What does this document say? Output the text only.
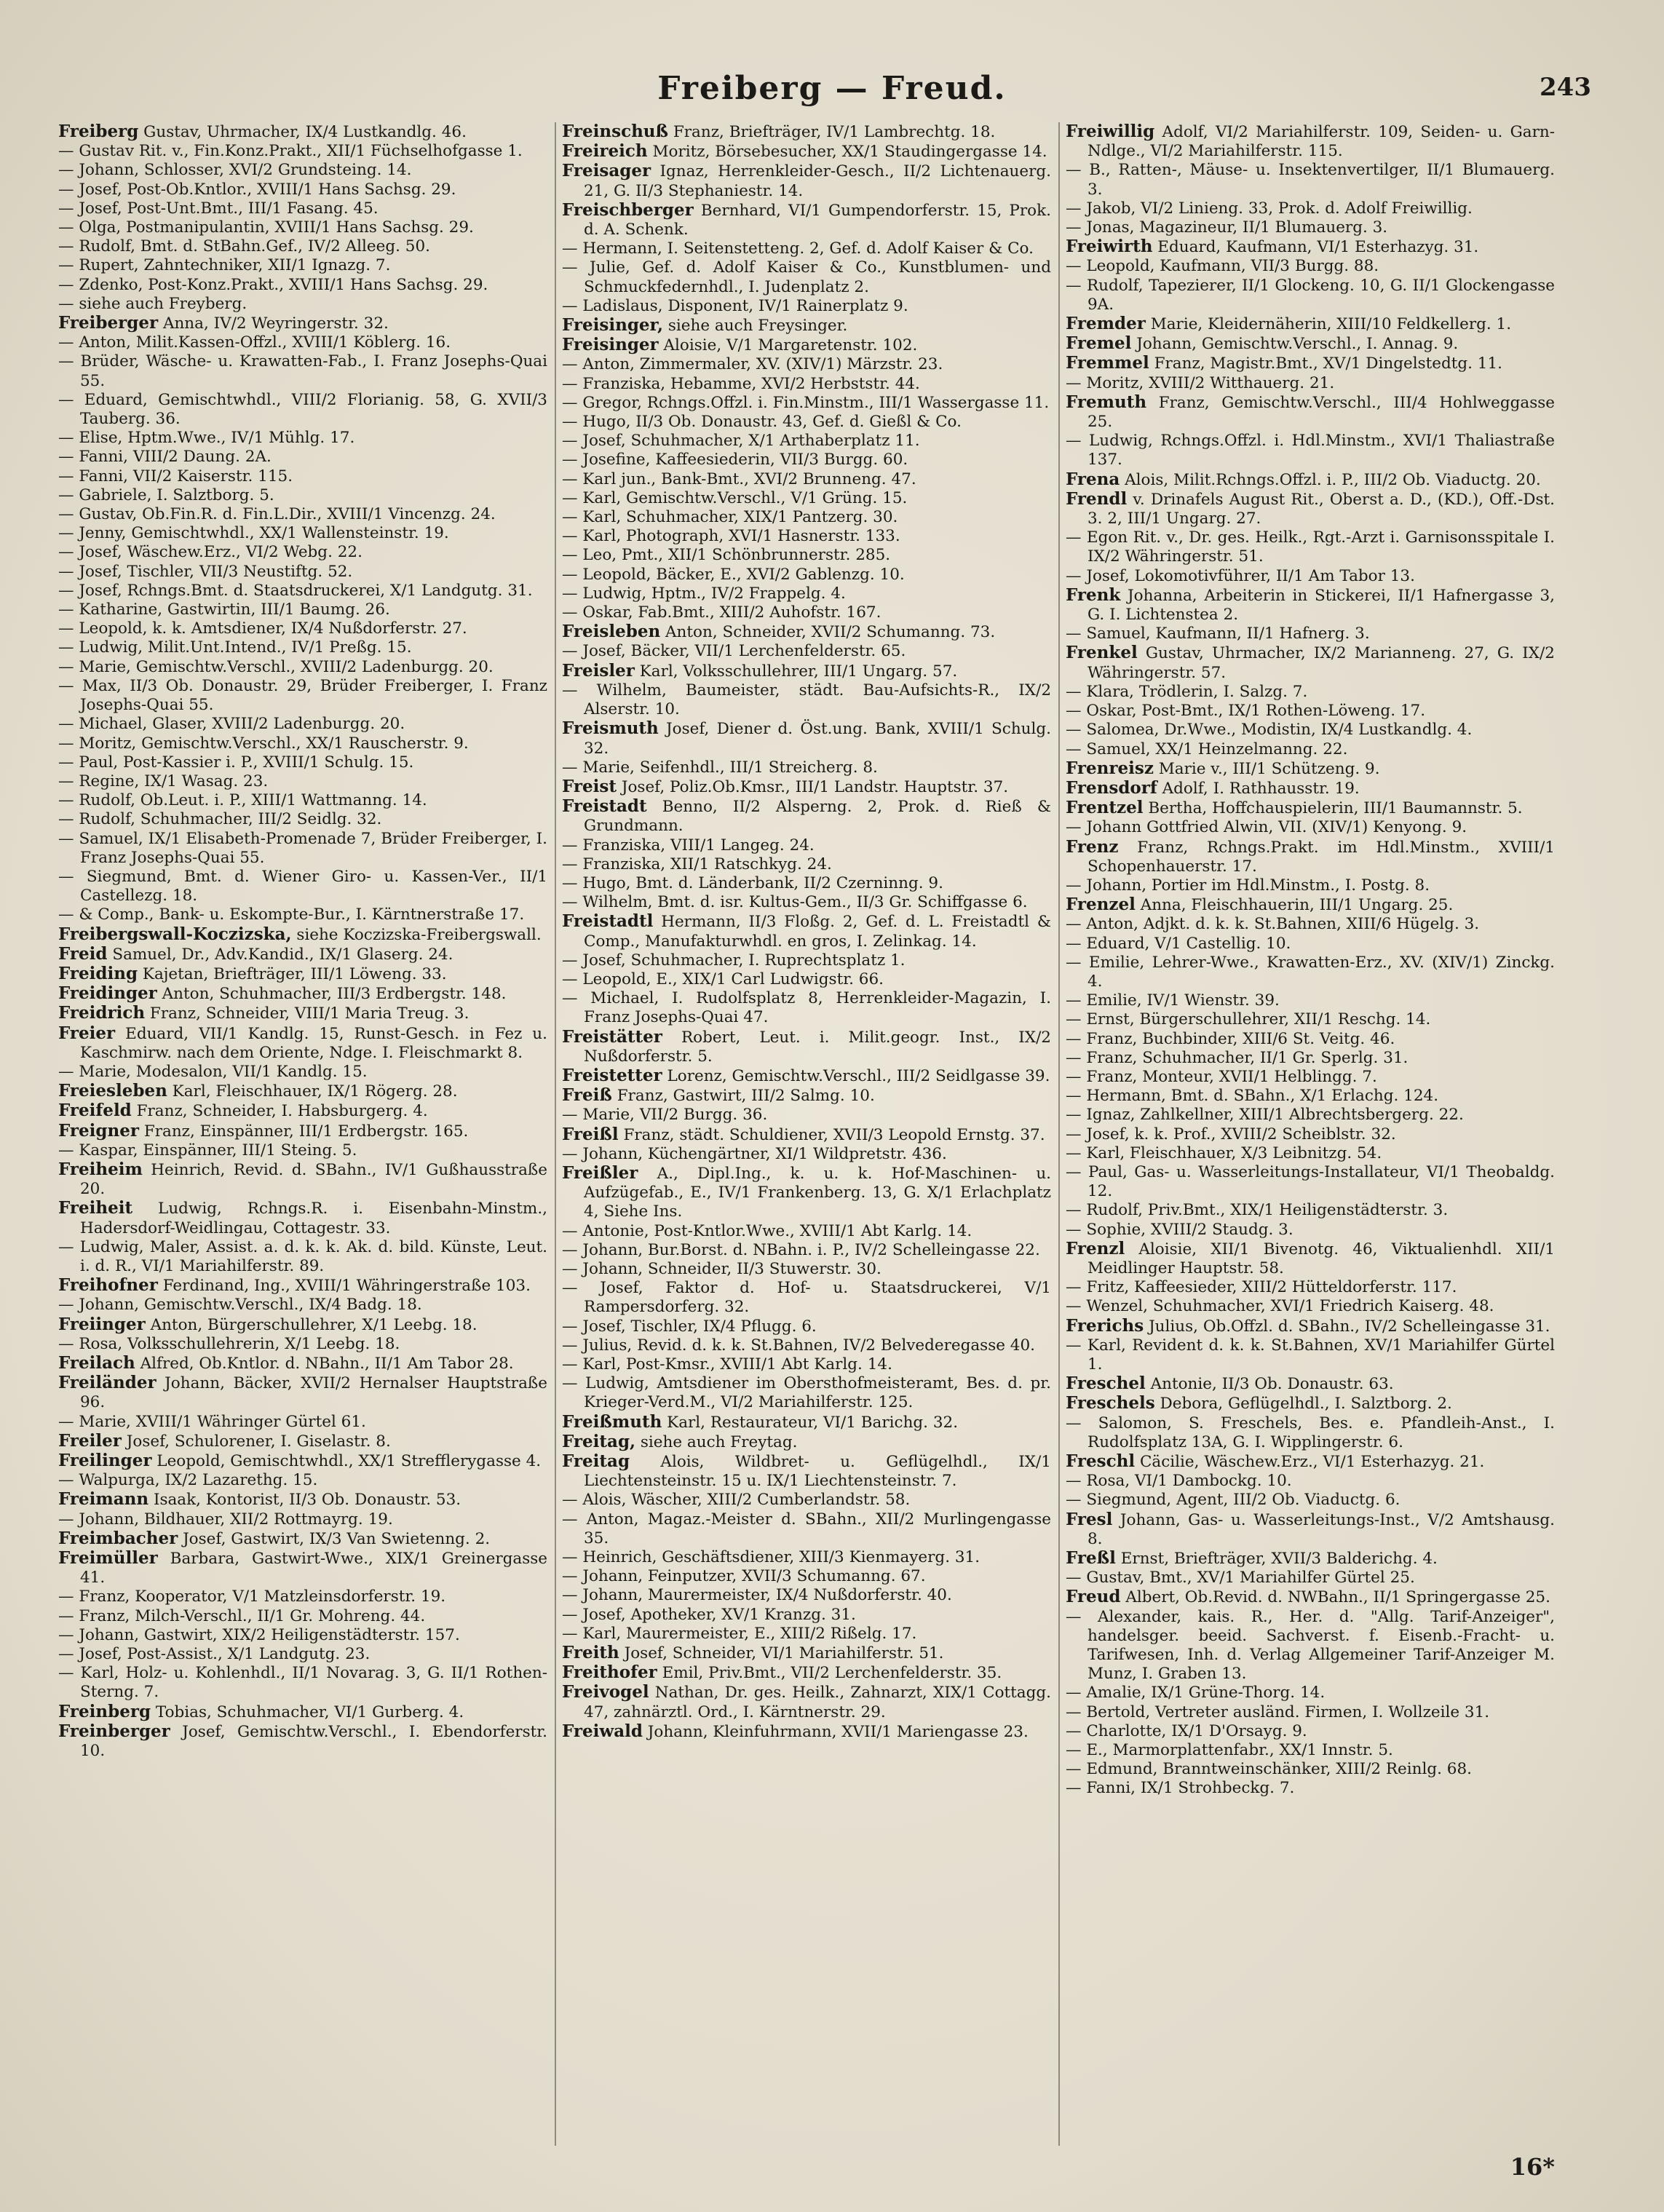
Freiberg — Freud.	243

Freiberg Gustav, Uhrmacher, IX/4 Lustkandlg. 46.

— Gustav Rit. v., Fin.Konz.Prakt., XII/1 Füchselhofgasse 1.

— Johann, Schlosser, XVI/2 Grundsteing. 14.

— Josef, Post-Ob.Kntlor., XVIII/1 Hans Sachsg. 29.

— Josef, Post-Unt.Bmt., III/1 Fasang. 45.

— Olga, Postmanipulantin, XVIII/1 Hans Sachsg. 29.

— Rudolf, Bmt. d. StBahn.Gef., IV/2 Alleeg. 50.

— Rupert, Zahntechniker, XII/1 Ignazg. 7.

— Zdenko, Post-Konz.Prakt., XVIII/1 Hans Sachsg. 29.

— siehe auch Freyberg.

Freiberger Anna, IV/2 Weyringerstr. 32.

— Anton, Milit.Kassen-Offzl., XVIII/1 Köblerg. 16.

— Brüder, Wäsche- u. Krawatten-Fab., I. Franz Josephs-Quai 55.

— Eduard, Gemischtwhdl., VIII/2 Florianig. 58, G. XVII/3 Tauberg. 36.

— Elise, Hptm.Wwe., IV/1 Mühlg. 17.

— Fanni, VIII/2 Daung. 2A.

— Fanni, VII/2 Kaiserstr. 115.

— Gabriele, I. Salztborg. 5.

— Gustav, Ob.Fin.R. d. Fin.L.Dir., XVIII/1 Vincenzg. 24.

— Jenny, Gemischtwhdl., XX/1 Wallensteinstr. 19.

— Josef, Wäschew.Erz., VI/2 Webg. 22.

— Josef, Tischler, VII/3 Neustiftg. 52.

— Josef, Rchngs.Bmt. d. Staatsdruckerei, X/1 Landgutg. 31.

— Katharine, Gastwirtin, III/1 Baumg. 26.

— Leopold, k. k. Amtsdiener, IX/4 Nußdorferstr. 27.

— Ludwig, Milit.Unt.Intend., IV/1 Preßg. 15.

— Marie, Gemischtw.Verschl., XVIII/2 Ladenburgg. 20.

— Max, II/3 Ob. Donaustr. 29, Brüder Freiberger, I. Franz Josephs-Quai 55.

— Michael, Glaser, XVIII/2 Ladenburgg. 20.

— Moritz, Gemischtw.Verschl., XX/1 Rauscherstr. 9.

— Paul, Post-Kassier i. P., XVIII/1 Schulg. 15.

— Regine, IX/1 Wasag. 23.

— Rudolf, Ob.Leut. i. P., XIII/1 Wattmanng. 14.

— Rudolf, Schuhmacher, III/2 Seidlg. 32.

— Samuel, IX/1 Elisabeth-Promenade 7, Brüder Freiberger, I. Franz Josephs-Quai 55.

— Siegmund, Bmt. d. Wiener Giro- u. Kassen-Ver., II/1 Castellezg. 18.

— & Comp., Bank- u. Eskompte-Bur., I. Kärntnerstraße 17.

Freibergswall-Koczizska, siehe Koczizska-Freibergswall.

Freid Samuel, Dr., Adv.Kandid., IX/1 Glaserg. 24.

Freiding Kajetan, Briefträger, III/1 Löweng. 33.

Freidinger Anton, Schuhmacher, III/3 Erdbergstr. 148.

Freidrich Franz, Schneider, VIII/1 Maria Treug. 3.

Freier Eduard, VII/1 Kandlg. 15, Runst-Gesch. in Fez u. Kaschmirw. nach dem Oriente, Ndge. I. Fleischmarkt 8.

— Marie, Modesalon, VII/1 Kandlg. 15.

Freiesleben Karl, Fleischhauer, IX/1 Rögerg. 28.

Freifeld Franz, Schneider, I. Habsburgerg. 4.

Freigner Franz, Einspänner, III/1 Erdbergstr. 165.

— Kaspar, Einspänner, III/1 Steing. 5.

Freiheim Heinrich, Revid. d. SBahn., IV/1 Gußhausstraße 20.

Freiheit Ludwig, Rchngs.R. i. Eisenbahn-Minstm., Hadersdorf-Weidlingau, Cottagestr. 33.

— Ludwig, Maler, Assist. a. d. k. k. Ak. d. bild. Künste, Leut. i. d. R., VI/1 Mariahilferstr. 89.

Freihofner Ferdinand, Ing., XVIII/1 Währingerstraße 103.

— Johann, Gemischtw.Verschl., IX/4 Badg. 18.

Freiinger Anton, Bürgerschullehrer, X/1 Leebg. 18.

— Rosa, Volksschullehrerin, X/1 Leebg. 18.

Freilach Alfred, Ob.Kntlor. d. NBahn., II/1 Am Tabor 28.

Freiländer Johann, Bäcker, XVII/2 Hernalser Hauptstraße 96.

— Marie, XVIII/1 Währinger Gürtel 61.

Freiler Josef, Schulorener, I. Giselastr. 8.

Freilinger Leopold, Gemischtwhdl., XX/1 Strefflerygasse 4.

— Walpurga, IX/2 Lazarethg. 15.

Freimann Isaak, Kontorist, II/3 Ob. Donaustr. 53.

— Johann, Bildhauer, XII/2 Rottmayrg. 19.

Freimbacher Josef, Gastwirt, IX/3 Van Swietenng. 2.

Freimüller Barbara, Gastwirt-Wwe., XIX/1 Greinergasse 41.

— Franz, Kooperator, V/1 Matzleinsdorferstr. 19.

— Franz, Milch-Verschl., II/1 Gr. Mohreng. 44.

— Johann, Gastwirt, XIX/2 Heiligenstädterstr. 157.

— Josef, Post-Assist., X/1 Landgutg. 23.

— Karl, Holz- u. Kohlenhdl., II/1 Novarag. 3, G. II/1 Rothen-Sterng. 7.

Freinberg Tobias, Schuhmacher, VI/1 Gurberg. 4.

Freinberger Josef, Gemischtw.Verschl., I. Ebendorferstr. 10.

Freinschuß Franz, Briefträger, IV/1 Lambrechtg. 18.

Freireich Moritz, Börsebesucher, XX/1 Staudingergasse 14.

Freisager Ignaz, Herrenkleider-Gesch., II/2 Lichtenauerg. 21, G. II/3 Stephaniestr. 14.

Freischberger Bernhard, VI/1 Gumpendorferstr. 15, Prok. d. A. Schenk.

— Hermann, I. Seitenstetteng. 2, Gef. d. Adolf Kaiser & Co.

— Julie, Gef. d. Adolf Kaiser & Co., Kunstblumen- und Schmuckfedernhdl., I. Judenplatz 2.

— Ladislaus, Disponent, IV/1 Rainerplatz 9.

Freisinger, siehe auch Freysinger.

Freisinger Aloisie, V/1 Margaretenstr. 102.

— Anton, Zimmermaler, XV. (XIV/1) Märzstr. 23.

— Franziska, Hebamme, XVI/2 Herbststr. 44.

— Gregor, Rchngs.Offzl. i. Fin.Minstm., III/1 Wassergasse 11.

— Hugo, II/3 Ob. Donaustr. 43, Gef. d. Gießl & Co.

— Josef, Schuhmacher, X/1 Arthaberplatz 11.

— Josefine, Kaffeesiederin, VII/3 Burgg. 60.

— Karl jun., Bank-Bmt., XVI/2 Brunneng. 47.

— Karl, Gemischtw.Verschl., V/1 Grüng. 15.

— Karl, Schuhmacher, XIX/1 Pantzerg. 30.

— Karl, Photograph, XVI/1 Hasnerstr. 133.

— Leo, Pmt., XII/1 Schönbrunnerstr. 285.

— Leopold, Bäcker, E., XVI/2 Gablenzg. 10.

— Ludwig, Hptm., IV/2 Frappelg. 4.

— Oskar, Fab.Bmt., XIII/2 Auhofstr. 167.

Freisleben Anton, Schneider, XVII/2 Schumanng. 73.

— Josef, Bäcker, VII/1 Lerchenfelderstr. 65.

Freisler Karl, Volksschullehrer, III/1 Ungarg. 57.

— Wilhelm, Baumeister, städt. Bau-Aufsichts-R., IX/2 Alserstr. 10.

Freismuth Josef, Diener d. Öst.ung. Bank, XVIII/1 Schulg. 32.

— Marie, Seifenhdl., III/1 Streicherg. 8.

Freist Josef, Poliz.Ob.Kmsr., III/1 Landstr. Hauptstr. 37.

Freistadt Benno, II/2 Alsperng. 2, Prok. d. Rieß & Grundmann.

— Franziska, VIII/1 Langeg. 24.

— Franziska, XII/1 Ratschkyg. 24.

— Hugo, Bmt. d. Länderbank, II/2 Czerninng. 9.

— Wilhelm, Bmt. d. isr. Kultus-Gem., II/3 Gr. Schiffgasse 6.

Freistadtl Hermann, II/3 Floßg. 2, Gef. d. L. Freistadtl & Comp., Manufakturwhdl. en gros, I. Zelinkag. 14.

— Josef, Schuhmacher, I. Ruprechtsplatz 1.

— Leopold, E., XIX/1 Carl Ludwigstr. 66.

— Michael, I. Rudolfsplatz 8, Herrenkleider-Magazin, I. Franz Josephs-Quai 47.

Freistätter Robert, Leut. i. Milit.geogr. Inst., IX/2 Nußdorferstr. 5.

Freistetter Lorenz, Gemischtw.Verschl., III/2 Seidlgasse 39.

Freiß Franz, Gastwirt, III/2 Salmg. 10.

— Marie, VII/2 Burgg. 36.

Freißl Franz, städt. Schuldiener, XVII/3 Leopold Ernstg. 37.

— Johann, Küchengärtner, XI/1 Wildpretstr. 436.

Freißler A., Dipl.Ing., k. u. k. Hof-Maschinen- u. Aufzügefab., E., IV/1 Frankenberg. 13, G. X/1 Erlachplatz 4, Siehe Ins.

— Antonie, Post-Kntlor.Wwe., XVIII/1 Abt Karlg. 14.

— Johann, Bur.Borst. d. NBahn. i. P., IV/2 Schelleingasse 22.

— Johann, Schneider, II/3 Stuwerstr. 30.

— Josef, Faktor d. Hof- u. Staatsdruckerei, V/1 Rampersdorferg. 32.

— Josef, Tischler, IX/4 Pflugg. 6.

— Julius, Revid. d. k. k. St.Bahnen, IV/2 Belvederegasse 40.

— Karl, Post-Kmsr., XVIII/1 Abt Karlg. 14.

— Ludwig, Amtsdiener im Obersthofmeisteramt, Bes. d. pr. Krieger-Verd.M., VI/2 Mariahilferstr. 125.

Freißmuth Karl, Restaurateur, VI/1 Barichg. 32.

Freitag, siehe auch Freytag.

Freitag Alois, Wildbret- u. Geflügelhdl., IX/1 Liechtensteinstr. 15 u. IX/1 Liechtensteinstr. 7.

— Alois, Wäscher, XIII/2 Cumberlandstr. 58.

— Anton, Magaz.-Meister d. SBahn., XII/2 Murlingengasse 35.

— Heinrich, Geschäftsdiener, XIII/3 Kienmayerg. 31.

— Johann, Feinputzer, XVII/3 Schumanng. 67.

— Johann, Maurermeister, IX/4 Nußdorferstr. 40.

— Josef, Apotheker, XV/1 Kranzg. 31.

— Karl, Maurermeister, E., XIII/2 Rißelg. 17.

Freith Josef, Schneider, VI/1 Mariahilferstr. 51.

Freithofer Emil, Priv.Bmt., VII/2 Lerchenfelderstr. 35.

Freivogel Nathan, Dr. ges. Heilk., Zahnarzt, XIX/1 Cottagg. 47, zahnärztl. Ord., I. Kärntnerstr. 29.

Freiwald Johann, Kleinfuhrmann, XVII/1 Mariengasse 23.

Freiwillig Adolf, VI/2 Mariahilferstr. 109, Seiden- u. Garn-Ndlge., VI/2 Mariahilferstr. 115.

— B., Ratten-, Mäuse- u. Insektenvertilger, II/1 Blumauerg. 3.

— Jakob, VI/2 Linieng. 33, Prok. d. Adolf Freiwillig.

— Jonas, Magazineur, II/1 Blumauerg. 3.

Freiwirth Eduard, Kaufmann, VI/1 Esterhazyg. 31.

— Leopold, Kaufmann, VII/3 Burgg. 88.

— Rudolf, Tapezierer, II/1 Glockeng. 10, G. II/1 Glockengasse 9A.

Fremder Marie, Kleidernäherin, XIII/10 Feldkellerg. 1.

Fremel Johann, Gemischtw.Verschl., I. Annag. 9.

Fremmel Franz, Magistr.Bmt., XV/1 Dingelstedtg. 11.

— Moritz, XVIII/2 Witthauerg. 21.

Fremuth Franz, Gemischtw.Verschl., III/4 Hohlweggasse 25.

— Ludwig, Rchngs.Offzl. i. Hdl.Minstm., XVI/1 Thaliastraße 137.

Frena Alois, Milit.Rchngs.Offzl. i. P., III/2 Ob. Viaductg. 20.

Frendl v. Drinafels August Rit., Oberst a. D., (KD.), Off.-Dst. 3. 2, III/1 Ungarg. 27.

— Egon Rit. v., Dr. ges. Heilk., Rgt.-Arzt i. Garnisonsspitale I. IX/2 Währingerstr. 51.

— Josef, Lokomotivführer, II/1 Am Tabor 13.

Frenk Johanna, Arbeiterin in Stickerei, II/1 Hafnergasse 3, G. I. Lichtenstea 2.

— Samuel, Kaufmann, II/1 Hafnerg. 3.

Frenkel Gustav, Uhrmacher, IX/2 Marianneng. 27, G. IX/2 Währingerstr. 57.

— Klara, Trödlerin, I. Salzg. 7.

— Oskar, Post-Bmt., IX/1 Rothen-Löweng. 17.

— Salomea, Dr.Wwe., Modistin, IX/4 Lustkandlg. 4.

— Samuel, XX/1 Heinzelmanng. 22.

Frenreisz Marie v., III/1 Schützeng. 9.

Frensdorf Adolf, I. Rathhausstr. 19.

Frentzel Bertha, Hoffchauspielerin, III/1 Baumannstr. 5.

— Johann Gottfried Alwin, VII. (XIV/1) Kenyong. 9.

Frenz Franz, Rchngs.Prakt. im Hdl.Minstm., XVIII/1 Schopenhauerstr. 17.

— Johann, Portier im Hdl.Minstm., I. Postg. 8.

Frenzel Anna, Fleischhauerin, III/1 Ungarg. 25.

— Anton, Adjkt. d. k. k. St.Bahnen, XIII/6 Hügelg. 3.

— Eduard, V/1 Castellig. 10.

— Emilie, Lehrer-Wwe., Krawatten-Erz., XV. (XIV/1) Zinckg. 4.

— Emilie, IV/1 Wienstr. 39.

— Ernst, Bürgerschullehrer, XII/1 Reschg. 14.

— Franz, Buchbinder, XIII/6 St. Veitg. 46.

— Franz, Schuhmacher, II/1 Gr. Sperlg. 31.

— Franz, Monteur, XVII/1 Helblingg. 7.

— Hermann, Bmt. d. SBahn., X/1 Erlachg. 124.

— Ignaz, Zahlkellner, XIII/1 Albrechtsbergerg. 22.

— Josef, k. k. Prof., XVIII/2 Scheiblstr. 32.

— Karl, Fleischhauer, X/3 Leibnitzg. 54.

— Paul, Gas- u. Wasserleitungs-Installateur, VI/1 Theobaldg. 12.

— Rudolf, Priv.Bmt., XIX/1 Heiligenstädterstr. 3.

— Sophie, XVIII/2 Staudg. 3.

Frenzl Aloisie, XII/1 Bivenotg. 46, Viktualienhdl. XII/1 Meidlinger Hauptstr. 58.

— Fritz, Kaffeesieder, XIII/2 Hütteldorferstr. 117.

— Wenzel, Schuhmacher, XVI/1 Friedrich Kaiserg. 48.

Frerichs Julius, Ob.Offzl. d. SBahn., IV/2 Schelleingasse 31.

— Karl, Revident d. k. k. St.Bahnen, XV/1 Mariahilfer Gürtel 1.

Freschel Antonie, II/3 Ob. Donaustr. 63.

Freschels Debora, Geflügelhdl., I. Salztborg. 2.

— Salomon, S. Freschels, Bes. e. Pfandleih-Anst., I. Rudolfsplatz 13A, G. I. Wipplingerstr. 6.

Freschl Cäcilie, Wäschew.Erz., VI/1 Esterhazyg. 21.

— Rosa, VI/1 Dambockg. 10.

— Siegmund, Agent, III/2 Ob. Viaductg. 6.

Fresl Johann, Gas- u. Wasserleitungs-Inst., V/2 Amtshausg. 8.

Freßl Ernst, Briefträger, XVII/3 Balderichg. 4.

— Gustav, Bmt., XV/1 Mariahilfer Gürtel 25.

Freud Albert, Ob.Revid. d. NWBahn., II/1 Springergasse 25.

— Alexander, kais. R., Her. d. "Allg. Tarif-Anzeiger", handelsger. beeid. Sachverst. f. Eisenb.-Fracht- u. Tarifwesen, Inh. d. Verlag Allgemeiner Tarif-Anzeiger M. Munz, I. Graben 13.

— Amalie, IX/1 Grüne-Thorg. 14.

— Bertold, Vertreter ausländ. Firmen, I. Wollzeile 31.

— Charlotte, IX/1 D'Orsayg. 9.

— E., Marmorplattenfabr., XX/1 Innstr. 5.

— Edmund, Branntweinschänker, XIII/2 Reinlg. 68.

— Fanni, IX/1 Strohbeckg. 7.

16*
